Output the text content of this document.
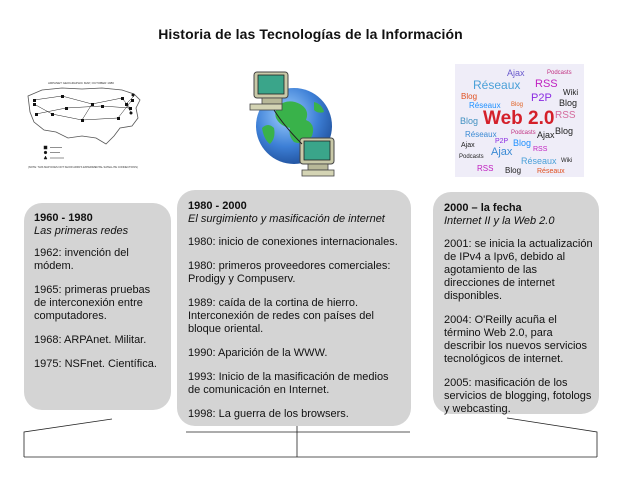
Historia de las Tecnologías de la Información
ARPANET GEOGRAPHIC MAP, OCTOBER 1980
(NOTE: THIS MAP DOES NOT SHOW ARPA'S EXPERIMENTAL SATELLITE CONNECTIONS)
Ajax	Podcasts
Réseaux RSS
Wiki
Blog	P2P Blog
Réseaux Blog
RSS
Blog Web 2.0
Blog
Réseaux Podcasts Ajax
P2P Blog
Ajax
Ajax	RSS
Podcasts	Réseaux Wiki
RSS Blog Réseaux
1960 - 1980
Las primeras redes
1962: invención del módem.
1965: primeras pruebas de interconexión entre computadores.
1968: ARPAnet. Militar.
1975: NSFnet. Científica.
1980 - 2000
El surgimiento y masificación de internet
1980: inicio de conexiones internacionales.
1980: primeros proveedores comerciales: Prodigy y Compuserv.
1989: caída de la cortina de hierro. Interconexión de redes con países del bloque oriental.
1990: Aparición de la WWW.
1993: Inicio de la masificación de medios de comunicación en Internet.
1998: La guerra de los browsers.
2000 – la fecha
Internet II y la Web 2.0
2001: se inicia la actualización de IPv4 a Ipv6, debido al agotamiento de las direcciones de internet disponibles.
2004: O'Reilly acuña el término Web 2.0, para describir los nuevos servicios tecnológicos de internet.
2005: masificación de los servicios de blogging, fotologs y webcasting.
